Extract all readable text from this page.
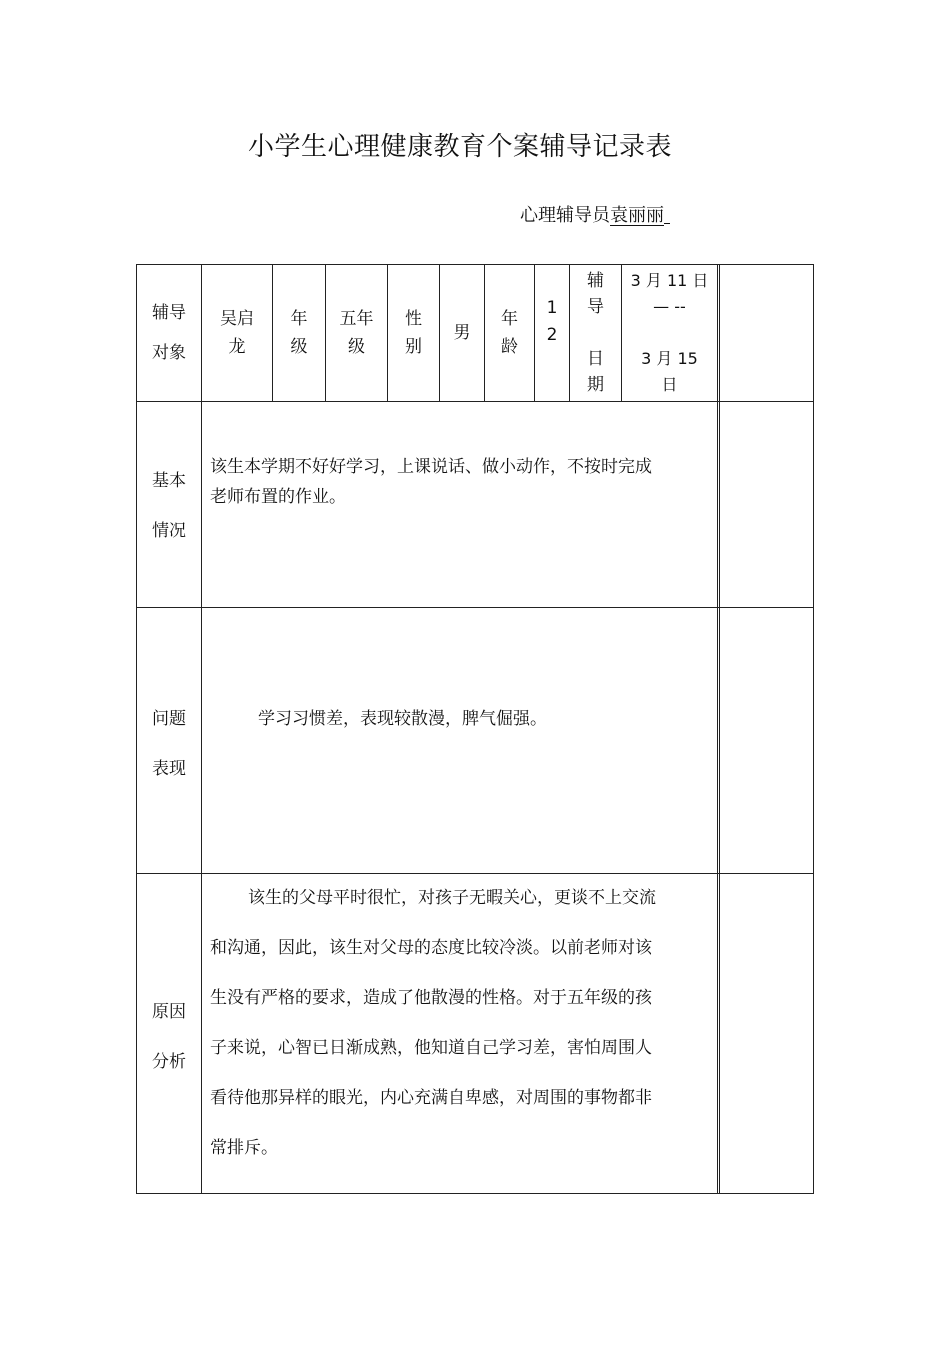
小学生心理健康教育个案辅导记录表
心理辅导员袁丽丽
辅导
对象
吴启
龙
年
级
五年
级
性
别
男
年
龄
1
2
辅
导

日
期
3 月 11 日
— --

3 月 15
日
基本
情况
该生本学期不好好学习，上课说话、做小动作，不按时完成
老师布置的作业。
问题
表现
学习习惯差，表现较散漫，脾气倔强。
原因
分析
该生的父母平时很忙，对孩子无暇关心，更谈不上交流
和沟通，因此，该生对父母的态度比较冷淡。以前老师对该
生没有严格的要求，造成了他散漫的性格。对于五年级的孩
子来说，心智已日渐成熟，他知道自己学习差，害怕周围人
看待他那异样的眼光，内心充满自卑感，对周围的事物都非
常排斥。
